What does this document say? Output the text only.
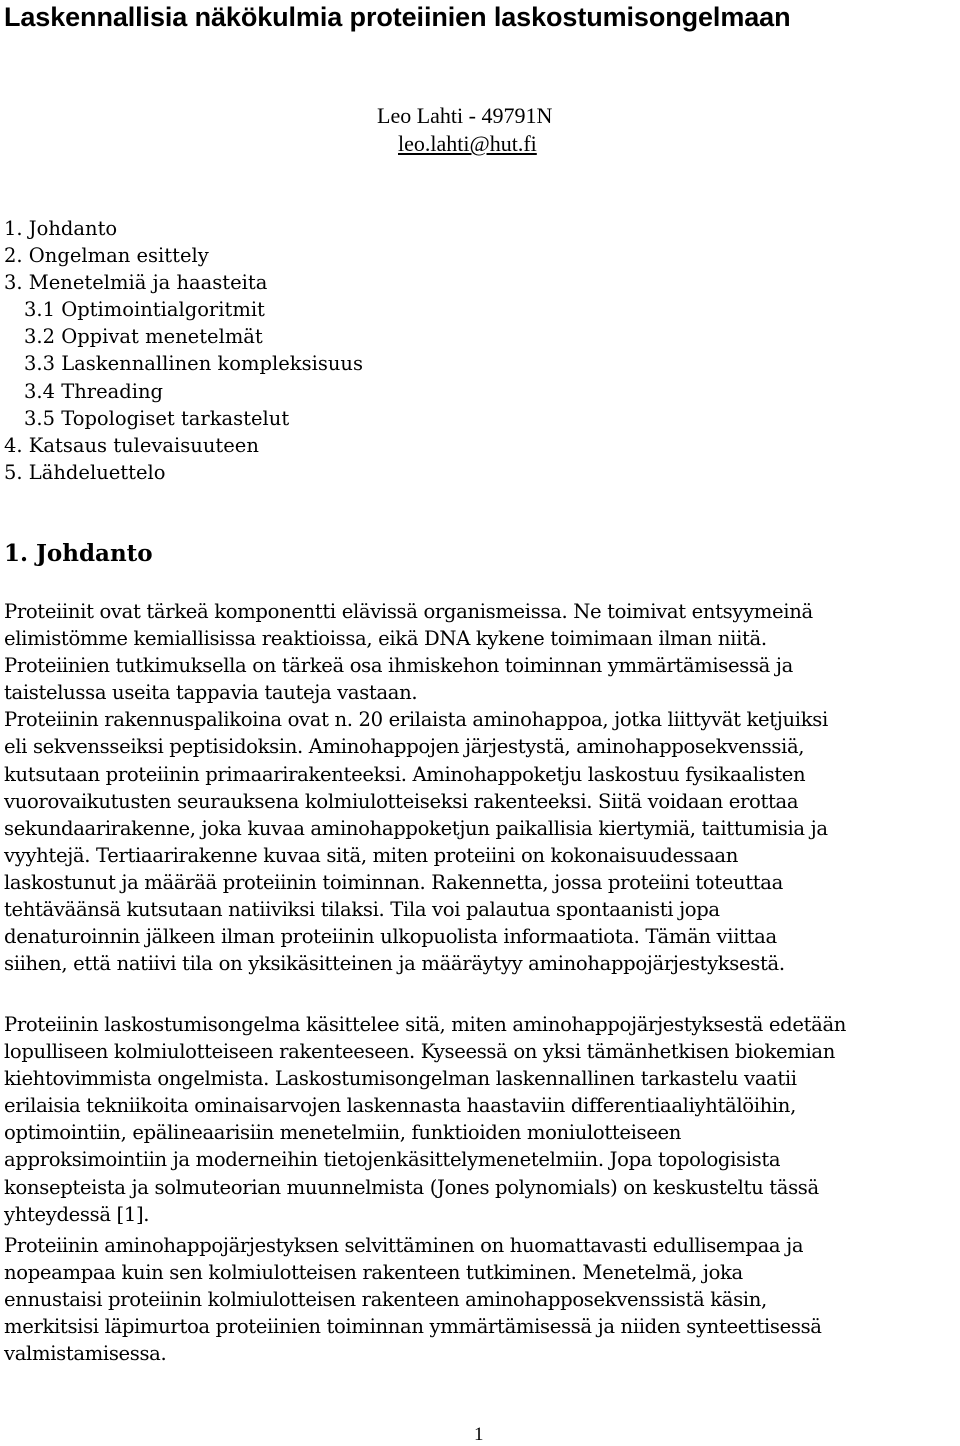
Laskennallisia näkökulmia proteiinien laskostumisongelmaan
Leo Lahti - 49791N
leo.lahti@hut.fi
1. Johdanto
2. Ongelman esittely
3. Menetelmiä ja haasteita
3.1 Optimointialgoritmit
3.2 Oppivat menetelmät
3.3 Laskennallinen kompleksisuus
3.4 Threading
3.5 Topologiset tarkastelut
4. Katsaus tulevaisuuteen
5. Lähdeluettelo
1. Johdanto
Proteiinit ovat tärkeä komponentti elävissä organismeissa. Ne toimivat entsyymeinä
elimistömme kemiallisissa reaktioissa, eikä DNA kykene toimimaan ilman niitä.
Proteiinien tutkimuksella on tärkeä osa ihmiskehon toiminnan ymmärtämisessä ja
taistelussa useita tappavia tauteja vastaan.
Proteiinin rakennuspalikoina ovat n. 20 erilaista aminohappoa, jotka liittyvät ketjuiksi
eli sekvensseiksi peptisidoksin. Aminohappojen järjestystä, aminohapposekvenssiä,
kutsutaan proteiinin primaarirakenteeksi. Aminohappoketju laskostuu fysikaalisten
vuorovaikutusten seurauksena kolmiulotteiseksi rakenteeksi. Siitä voidaan erottaa
sekundaarirakenne, joka kuvaa aminohappoketjun paikallisia kiertymiä, taittumisia ja
vyyhtejä. Tertiaarirakenne kuvaa sitä, miten proteiini on kokonaisuudessaan
laskostunut ja määrää proteiinin toiminnan. Rakennetta, jossa proteiini toteuttaa
tehtäväänsä kutsutaan natiiviksi tilaksi. Tila voi palautua spontaanisti jopa
denaturoinnin jälkeen ilman proteiinin ulkopuolista informaatiota. Tämän viittaa
siihen, että natiivi tila on yksikäsitteinen ja määräytyy aminohappojärjestyksestä.
Proteiinin laskostumisongelma käsittelee sitä, miten aminohappojärjestyksestä edetään
lopulliseen kolmiulotteiseen rakenteeseen. Kyseessä on yksi tämänhetkisen biokemian
kiehtovimmista ongelmista. Laskostumisongelman laskennallinen tarkastelu vaatii
erilaisia tekniikoita ominaisarvojen laskennasta haastaviin differentiaaliyhtälöihin,
optimointiin, epälineaarisiin menetelmiin, funktioiden moniulotteiseen
approksimointiin ja moderneihin tietojenkäsittelymenetelmiin. Jopa topologisista
konsepteista ja solmuteorian muunnelmista (Jones polynomials) on keskusteltu tässä
yhteydessä [1].
Proteiinin aminohappojärjestyksen selvittäminen on huomattavasti edullisempaa ja
nopeampaa kuin sen kolmiulotteisen rakenteen tutkiminen. Menetelmä, joka
ennustaisi proteiinin kolmiulotteisen rakenteen aminohapposekvenssistä käsin,
merkitsisi läpimurtoa proteiinien toiminnan ymmärtämisessä ja niiden synteettisessä
valmistamisessa.
1
